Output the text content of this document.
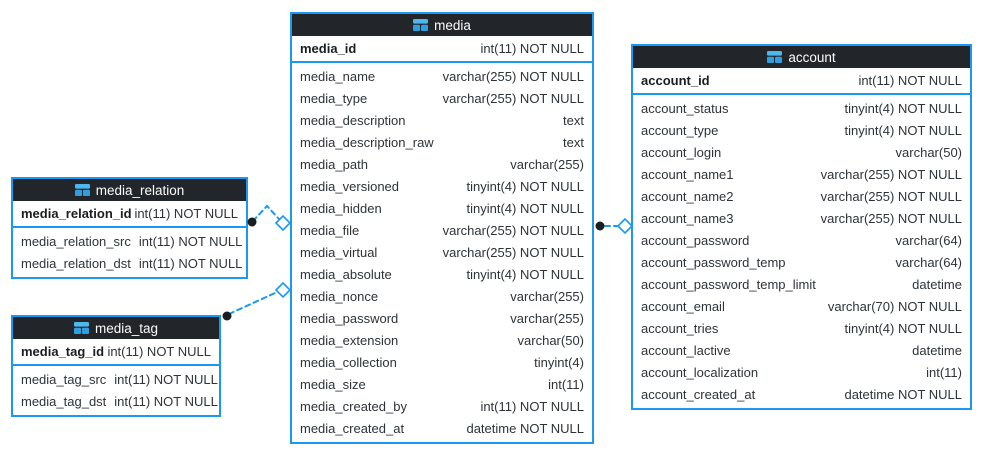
media_relation
media_relation_id int(11) NOT NULL
media_relation_src int(11) NOT NULL
media_relation_dst int(11) NOT NULL
media_tag
media_tag_id int(11) NOT NULL
media_tag_src int(11) NOT NULL
media_tag_dst int(11) NOT NULL
media
media_id	int(11) NOT NULL
media_name	varchar(255) NOT NULL
media_type	varchar(255) NOT NULL
media_description	text
media_description_raw	text
media_path	varchar(255)
media_versioned	tinyint(4) NOT NULL
media_hidden	tinyint(4) NOT NULL
media_file	varchar(255) NOT NULL
media_virtual	varchar(255) NOT NULL
media_absolute	tinyint(4) NOT NULL
media_nonce	varchar(255)
media_password	varchar(255)
media_extension	varchar(50)
media_collection	tinyint(4)
media_size	int(11)
media_created_by	int(11) NOT NULL
media_created_at	datetime NOT NULL
account
account_id	int(11) NOT NULL
account_status	tinyint(4) NOT NULL
account_type	tinyint(4) NOT NULL
account_login	varchar(50)
account_name1	varchar(255) NOT NULL
account_name2	varchar(255) NOT NULL
account_name3	varchar(255) NOT NULL
account_password	varchar(64)
account_password_temp	varchar(64)
account_password_temp_limit	datetime
account_email	varchar(70) NOT NULL
account_tries	tinyint(4) NOT NULL
account_lactive	datetime
account_localization	int(11)
account_created_at	datetime NOT NULL
